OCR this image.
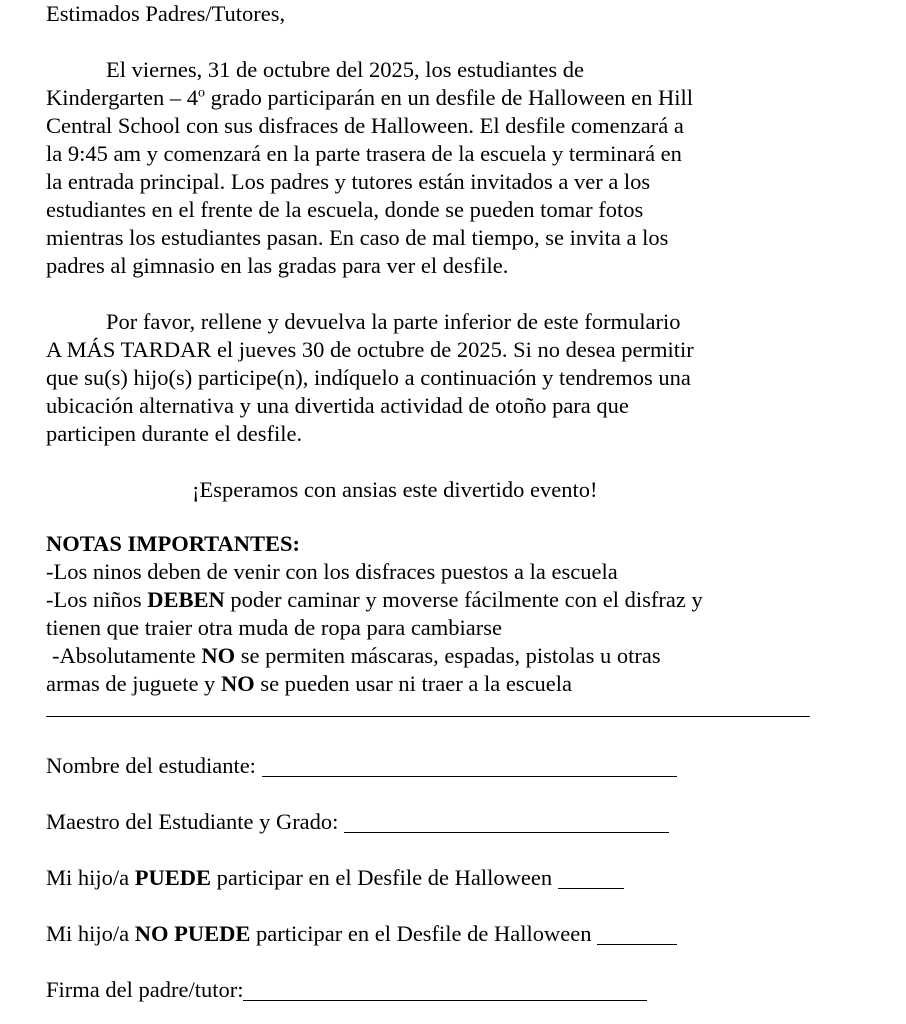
Estimados Padres/Tutores,
El viernes, 31 de octubre del 2025, los estudiantes de
Kindergarten – 4$^o$ grado participarán en un desfile de Halloween en Hill
Central School con sus disfraces de Halloween. El desfile comenzará a
la 9:45 am y comenzará en la parte trasera de la escuela y terminará en
la entrada principal. Los padres y tutores están invitados a ver a los
estudiantes en el frente de la escuela, donde se pueden tomar fotos
mientras los estudiantes pasan. En caso de mal tiempo, se invita a los
padres al gimnasio en las gradas para ver el desfile.
Por favor, rellene y devuelva la parte inferior de este formulario
A MÁS TARDAR el jueves 30 de octubre de 2025. Si no desea permitir
que su(s) hijo(s) participe(n), indíquelo a continuación y tendremos una
ubicación alternativa y una divertida actividad de otoño para que
participen durante el desfile.
¡Esperamos con ansias este divertido evento!
NOTAS IMPORTANTES:
-Los ninos deben de venir con los disfraces puestos a la escuela
-Los niños DEBEN poder caminar y moverse fácilmente con el disfraz y
tienen que traier otra muda de ropa para cambiarse
-Absolutamente NO se permiten máscaras, espadas, pistolas u otras
armas de juguete y NO se pueden usar ni traer a la escuela
Nombre del estudiante:
Maestro del Estudiante y Grado:
Mi hijo/a PUEDE participar en el Desfile de Halloween
Mi hijo/a NO PUEDE participar en el Desfile de Halloween
Firma del padre/tutor:
